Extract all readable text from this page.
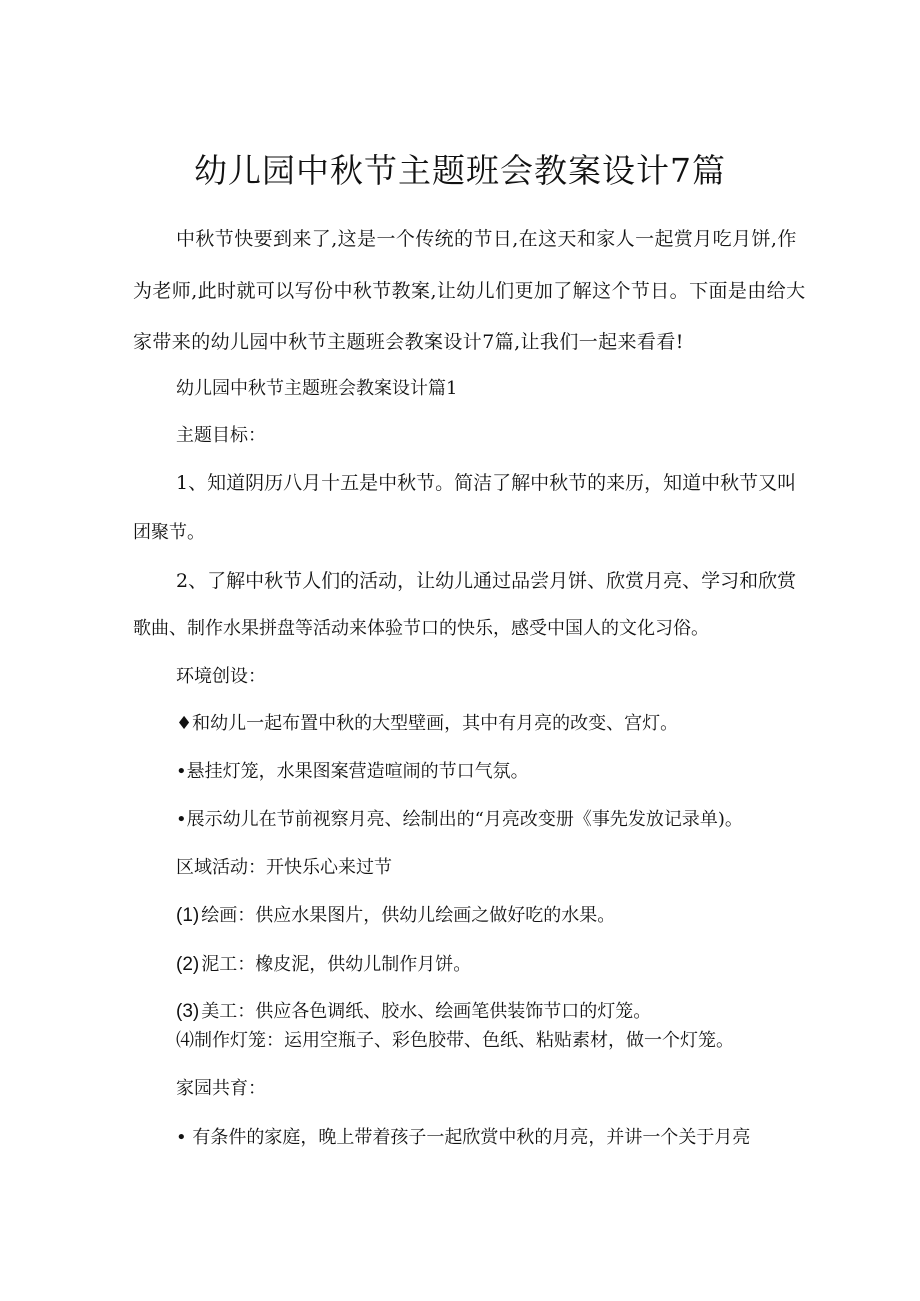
幼儿园中秋节主题班会教案设计7篇
中秋节快要到来了,这是一个传统的节日,在这天和家人一起赏月吃月饼,作
为老师,此时就可以写份中秋节教案,让幼儿们更加了解这个节日。下面是由给大
家带来的幼儿园中秋节主题班会教案设计7篇,让我们一起来看看!
幼儿园中秋节主题班会教案设计篇1
主题目标：
1、知道阴历八月十五是中秋节。简洁了解中秋节的来历，知道中秋节又叫
团聚节。
2、了解中秋节人们的活动，让幼儿通过品尝月饼、欣赏月亮、学习和欣赏
歌曲、制作水果拼盘等活动来体验节口的快乐，感受中国人的文化习俗。
环境创设：
♦和幼儿一起布置中秋的大型壁画，其中有月亮的改变、宫灯。
•悬挂灯笼，水果图案营造喧闹的节口气氛。
•展示幼儿在节前视察月亮、绘制出的“月亮改变册《事先发放记录单)。
区域活动：开快乐心来过节
(1) 绘画：供应水果图片，供幼儿绘画之做好吃的水果。
(2) 泥工：橡皮泥，供幼儿制作月饼。
(3) 美工：供应各色调纸、胶水、绘画笔供装饰节口的灯笼。
⑷制作灯笼：运用空瓶子、彩色胶带、色纸、粘贴素材，做一个灯笼。
家园共育：
• 有条件的家庭，晚上带着孩子一起欣赏中秋的月亮，并讲一个关于月亮
